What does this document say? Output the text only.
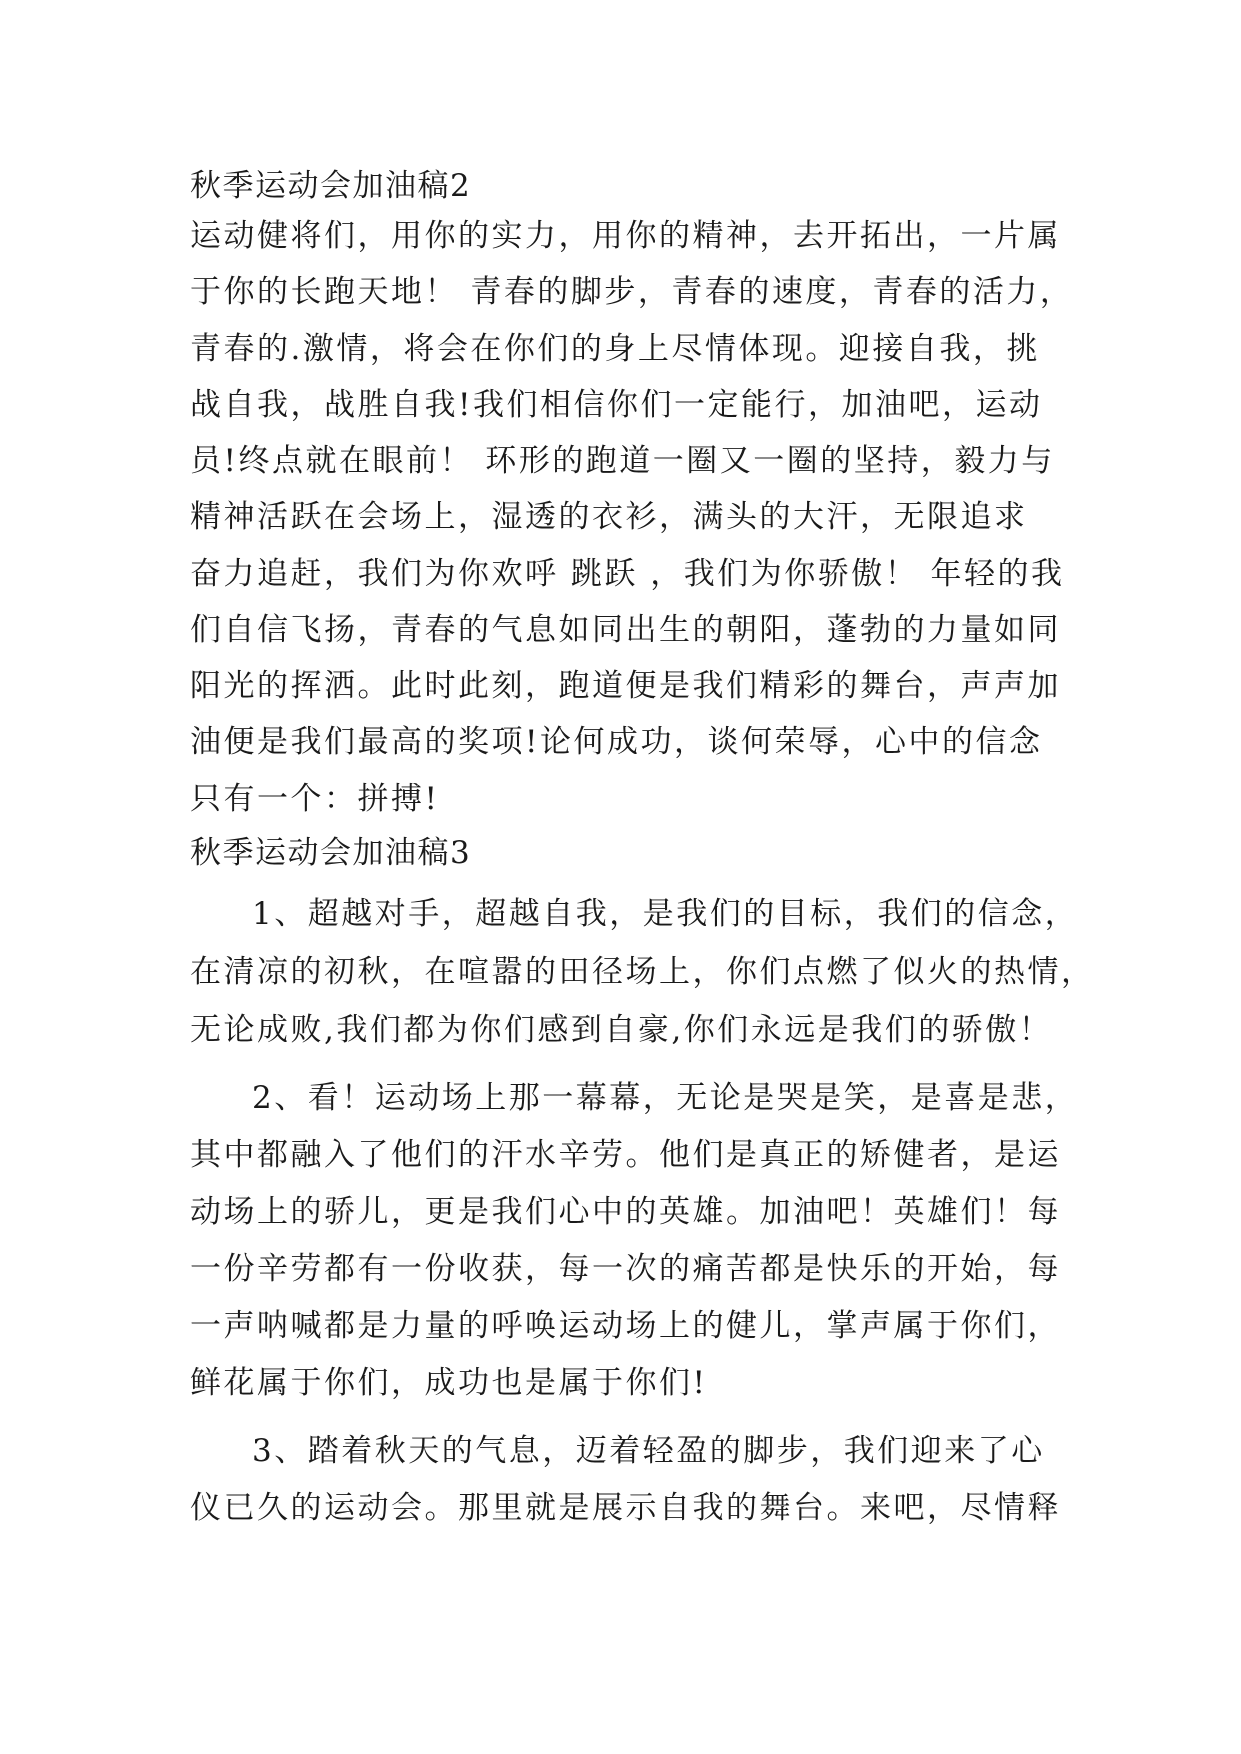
秋季运动会加油稿2
运动健将们，用你的实力，用你的精神，去开拓出，一片属
于你的长跑天地！ 青春的脚步，青春的速度，青春的活力，
青春的.激情，将会在你们的身上尽情体现。迎接自我，挑
战自我，战胜自我!我们相信你们一定能行，加油吧，运动
员!终点就在眼前！ 环形的跑道一圈又一圈的坚持，毅力与
精神活跃在会场上，湿透的衣衫，满头的大汗，无限追求
奋力追赶，我们为你欢呼 跳跃 ，我们为你骄傲！ 年轻的我
们自信飞扬，青春的气息如同出生的朝阳，蓬勃的力量如同
阳光的挥洒。此时此刻，跑道便是我们精彩的舞台，声声加
油便是我们最高的奖项!论何成功，谈何荣辱，心中的信念
只有一个：拼搏!
秋季运动会加油稿3
1、超越对手，超越自我，是我们的目标，我们的信念，
在清凉的初秋，在喧嚣的田径场上，你们点燃了似火的热情，
无论成败,我们都为你们感到自豪,你们永远是我们的骄傲！
2、看！运动场上那一幕幕，无论是哭是笑，是喜是悲，
其中都融入了他们的汗水辛劳。他们是真正的矫健者，是运
动场上的骄儿，更是我们心中的英雄。加油吧！英雄们！每
一份辛劳都有一份收获，每一次的痛苦都是快乐的开始，每
一声呐喊都是力量的呼唤运动场上的健儿，掌声属于你们，
鲜花属于你们，成功也是属于你们!
3、踏着秋天的气息，迈着轻盈的脚步，我们迎来了心
仪已久的运动会。那里就是展示自我的舞台。来吧，尽情释
